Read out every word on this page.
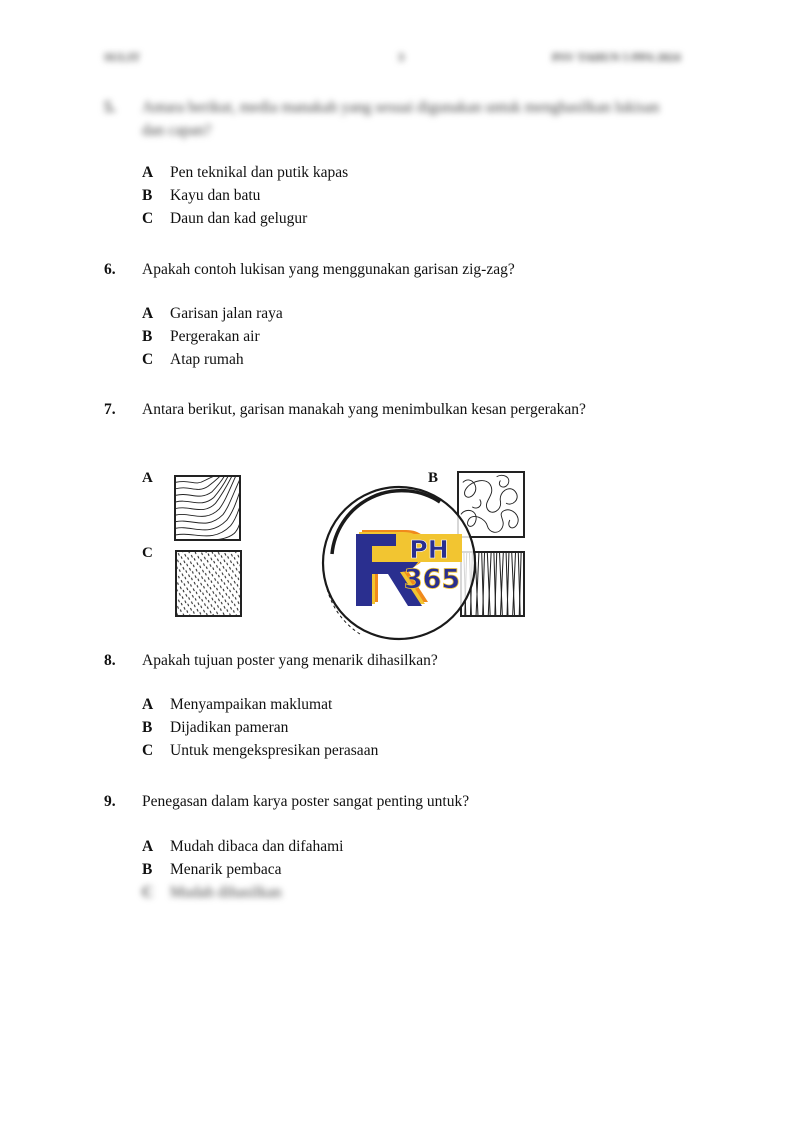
SULIT	3	PSV TAHUN 5 PPA 2024
5.	Antara berikut, media manakah yang sesuai digunakan untuk menghasilkan lukisan
dan capan?
A Pen teknikal dan putik kapas
B Kayu dan batu
C Daun dan kad gelugur
6.	Apakah contoh lukisan yang menggunakan garisan zig-zag?
A Garisan jalan raya
B Pergerakan air
C Atap rumah
7.	Antara berikut, garisan manakah yang menimbulkan kesan pergerakan?
A
C
B
PH
365
8.	Apakah tujuan poster yang menarik dihasilkan?
A Menyampaikan maklumat
B Dijadikan pameran
C Untuk mengekspresikan perasaan
9.	Penegasan dalam karya poster sangat penting untuk?
A Mudah dibaca dan difahami
B Menarik pembaca
C Mudah dihasilkan
